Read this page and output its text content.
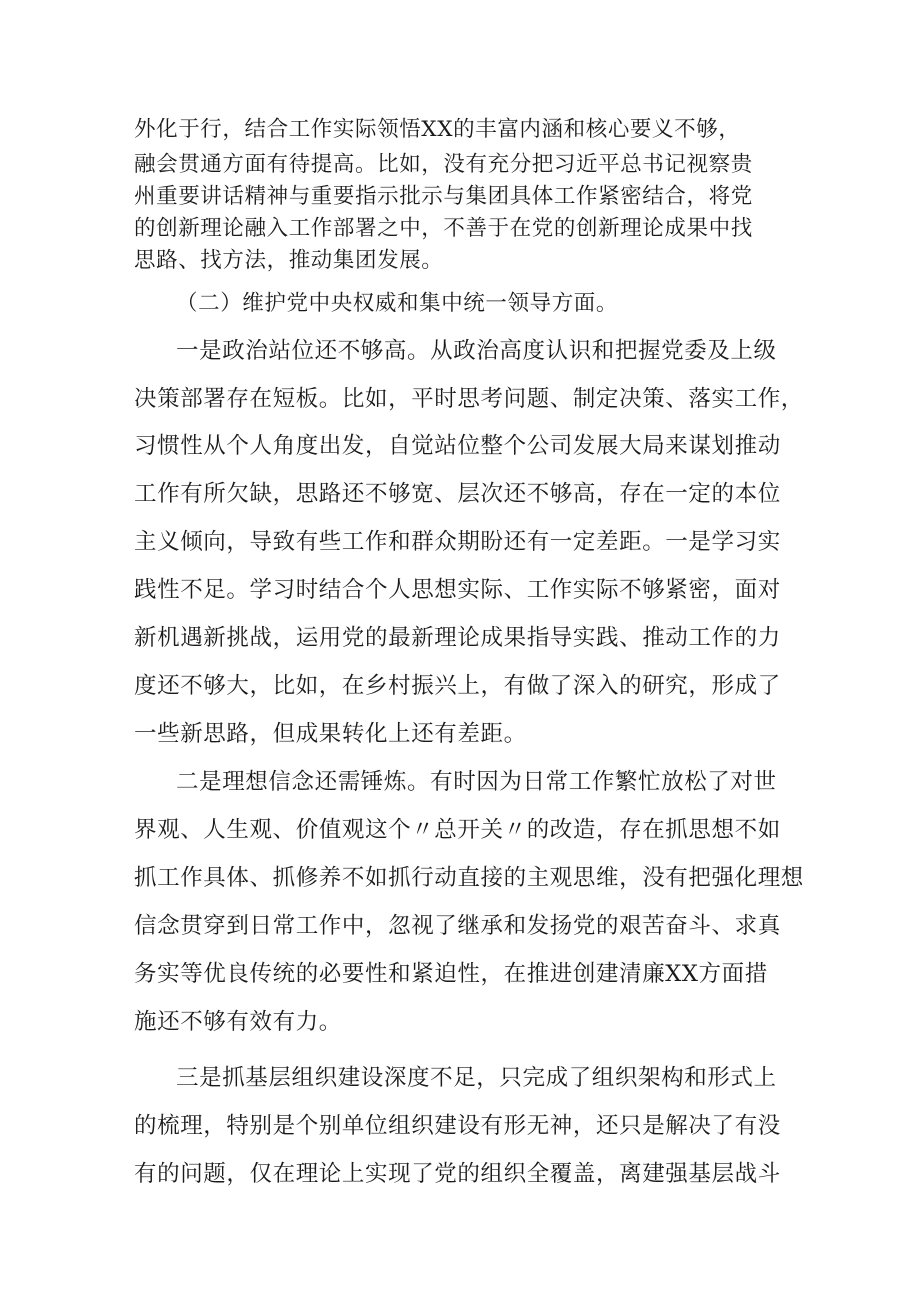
外化于行，结合工作实际领悟XX的丰富内涵和核心要义不够，
融会贯通方面有待提高。比如，没有充分把习近平总书记视察贵
州重要讲话精神与重要指示批示与集团具体工作紧密结合，将党
的创新理论融入工作部署之中，不善于在党的创新理论成果中找
思路、找方法，推动集团发展。
（二）维护党中央权威和集中统一领导方面。
一是政治站位还不够高。从政治高度认识和把握党委及上级
决策部署存在短板。比如，平时思考问题、制定决策、落实工作，
习惯性从个人角度出发，自觉站位整个公司发展大局来谋划推动
工作有所欠缺，思路还不够宽、层次还不够高，存在一定的本位
主义倾向，导致有些工作和群众期盼还有一定差距。一是学习实
践性不足。学习时结合个人思想实际、工作实际不够紧密，面对
新机遇新挑战，运用党的最新理论成果指导实践、推动工作的力
度还不够大，比如，在乡村振兴上，有做了深入的研究，形成了
一些新思路，但成果转化上还有差距。
二是理想信念还需锤炼。有时因为日常工作繁忙放松了对世
界观、人生观、价值观这个〃总开关〃的改造，存在抓思想不如
抓工作具体、抓修养不如抓行动直接的主观思维，没有把强化理想
信念贯穿到日常工作中，忽视了继承和发扬党的艰苦奋斗、求真
务实等优良传统的必要性和紧迫性，在推进创建清廉XX方面措
施还不够有效有力。
三是抓基层组织建设深度不足，只完成了组织架构和形式上
的梳理，特别是个别单位组织建设有形无神，还只是解决了有没
有的问题，仅在理论上实现了党的组织全覆盖，离建强基层战斗
